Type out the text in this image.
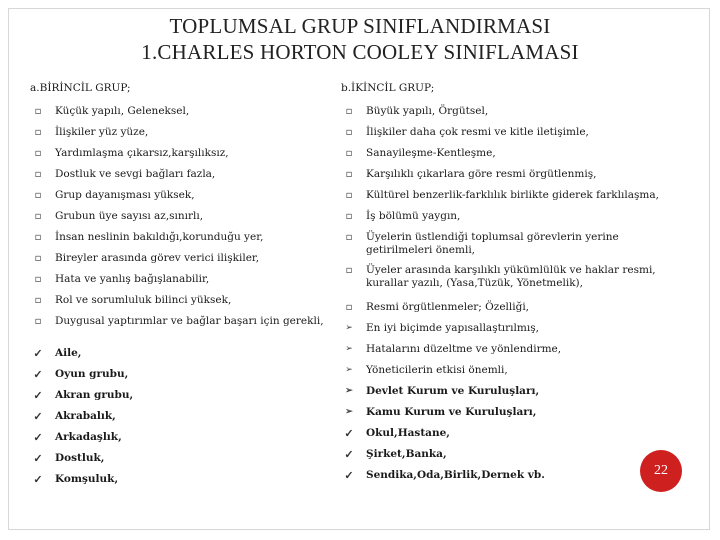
TOPLUMSAL GRUP SINIFLANDIRMASI
1.CHARLES HORTON COOLEY SINIFLAMASI
a.BİRİNCİL GRUP;
▫	Küçük yapılı, Geleneksel,
▫	İlişkiler yüz yüze,
▫	Yardımlaşma çıkarsız,karşılıksız,
▫	Dostluk ve sevgi bağları fazla,
▫	Grup dayanışması yüksek,
▫	Grubun üye sayısı az,sınırlı,
▫	İnsan neslinin bakıldığı,korunduğu yer,
▫	Bireyler arasında görev verici ilişkiler,
▫	Hata ve yanlış bağışlanabilir,
▫	Rol ve sorumluluk bilinci yüksek,
▫	Duygusal yaptırımlar ve bağlar başarı için gerekli,
✓ Aile,
✓ Oyun grubu,
✓ Akran grubu,
✓ Akrabalık,
✓ Arkadaşlık,
✓ Dostluk,
✓ Komşuluk,
b.İKİNCİL GRUP;
▫	Büyük yapılı, Örgütsel,
▫	İlişkiler daha çok resmi ve kitle iletişimle,
▫	Sanayileşme-Kentleşme,
▫	Karşılıklı çıkarlara göre resmi örgütlenmiş,
▫	Kültürel benzerlik-farklılık birlikte giderek farklılaşma,
▫	İş bölümü yaygın,
▫	Üyelerin üstlendiği toplumsal görevlerin yerine getirilmeleri önemli,
▫	Üyeler arasında karşılıklı yükümlülük ve haklar resmi, kurallar yazılı, (Yasa,Tüzük, Yönetmelik),
▫	Resmi örgütlenmeler; Özelliği,
➢	En iyi biçimde yapısallaştırılmış,
➢	Hatalarını düzeltme ve yönlendirme,
➢	Yöneticilerin etkisi önemli,
➢	Devlet Kurum ve Kuruluşları,
➢	Kamu Kurum ve Kuruluşları,
✓ Okul,Hastane,
✓ Şirket,Banka,
✓ Sendika,Oda,Birlik,Dernek vb.	22
